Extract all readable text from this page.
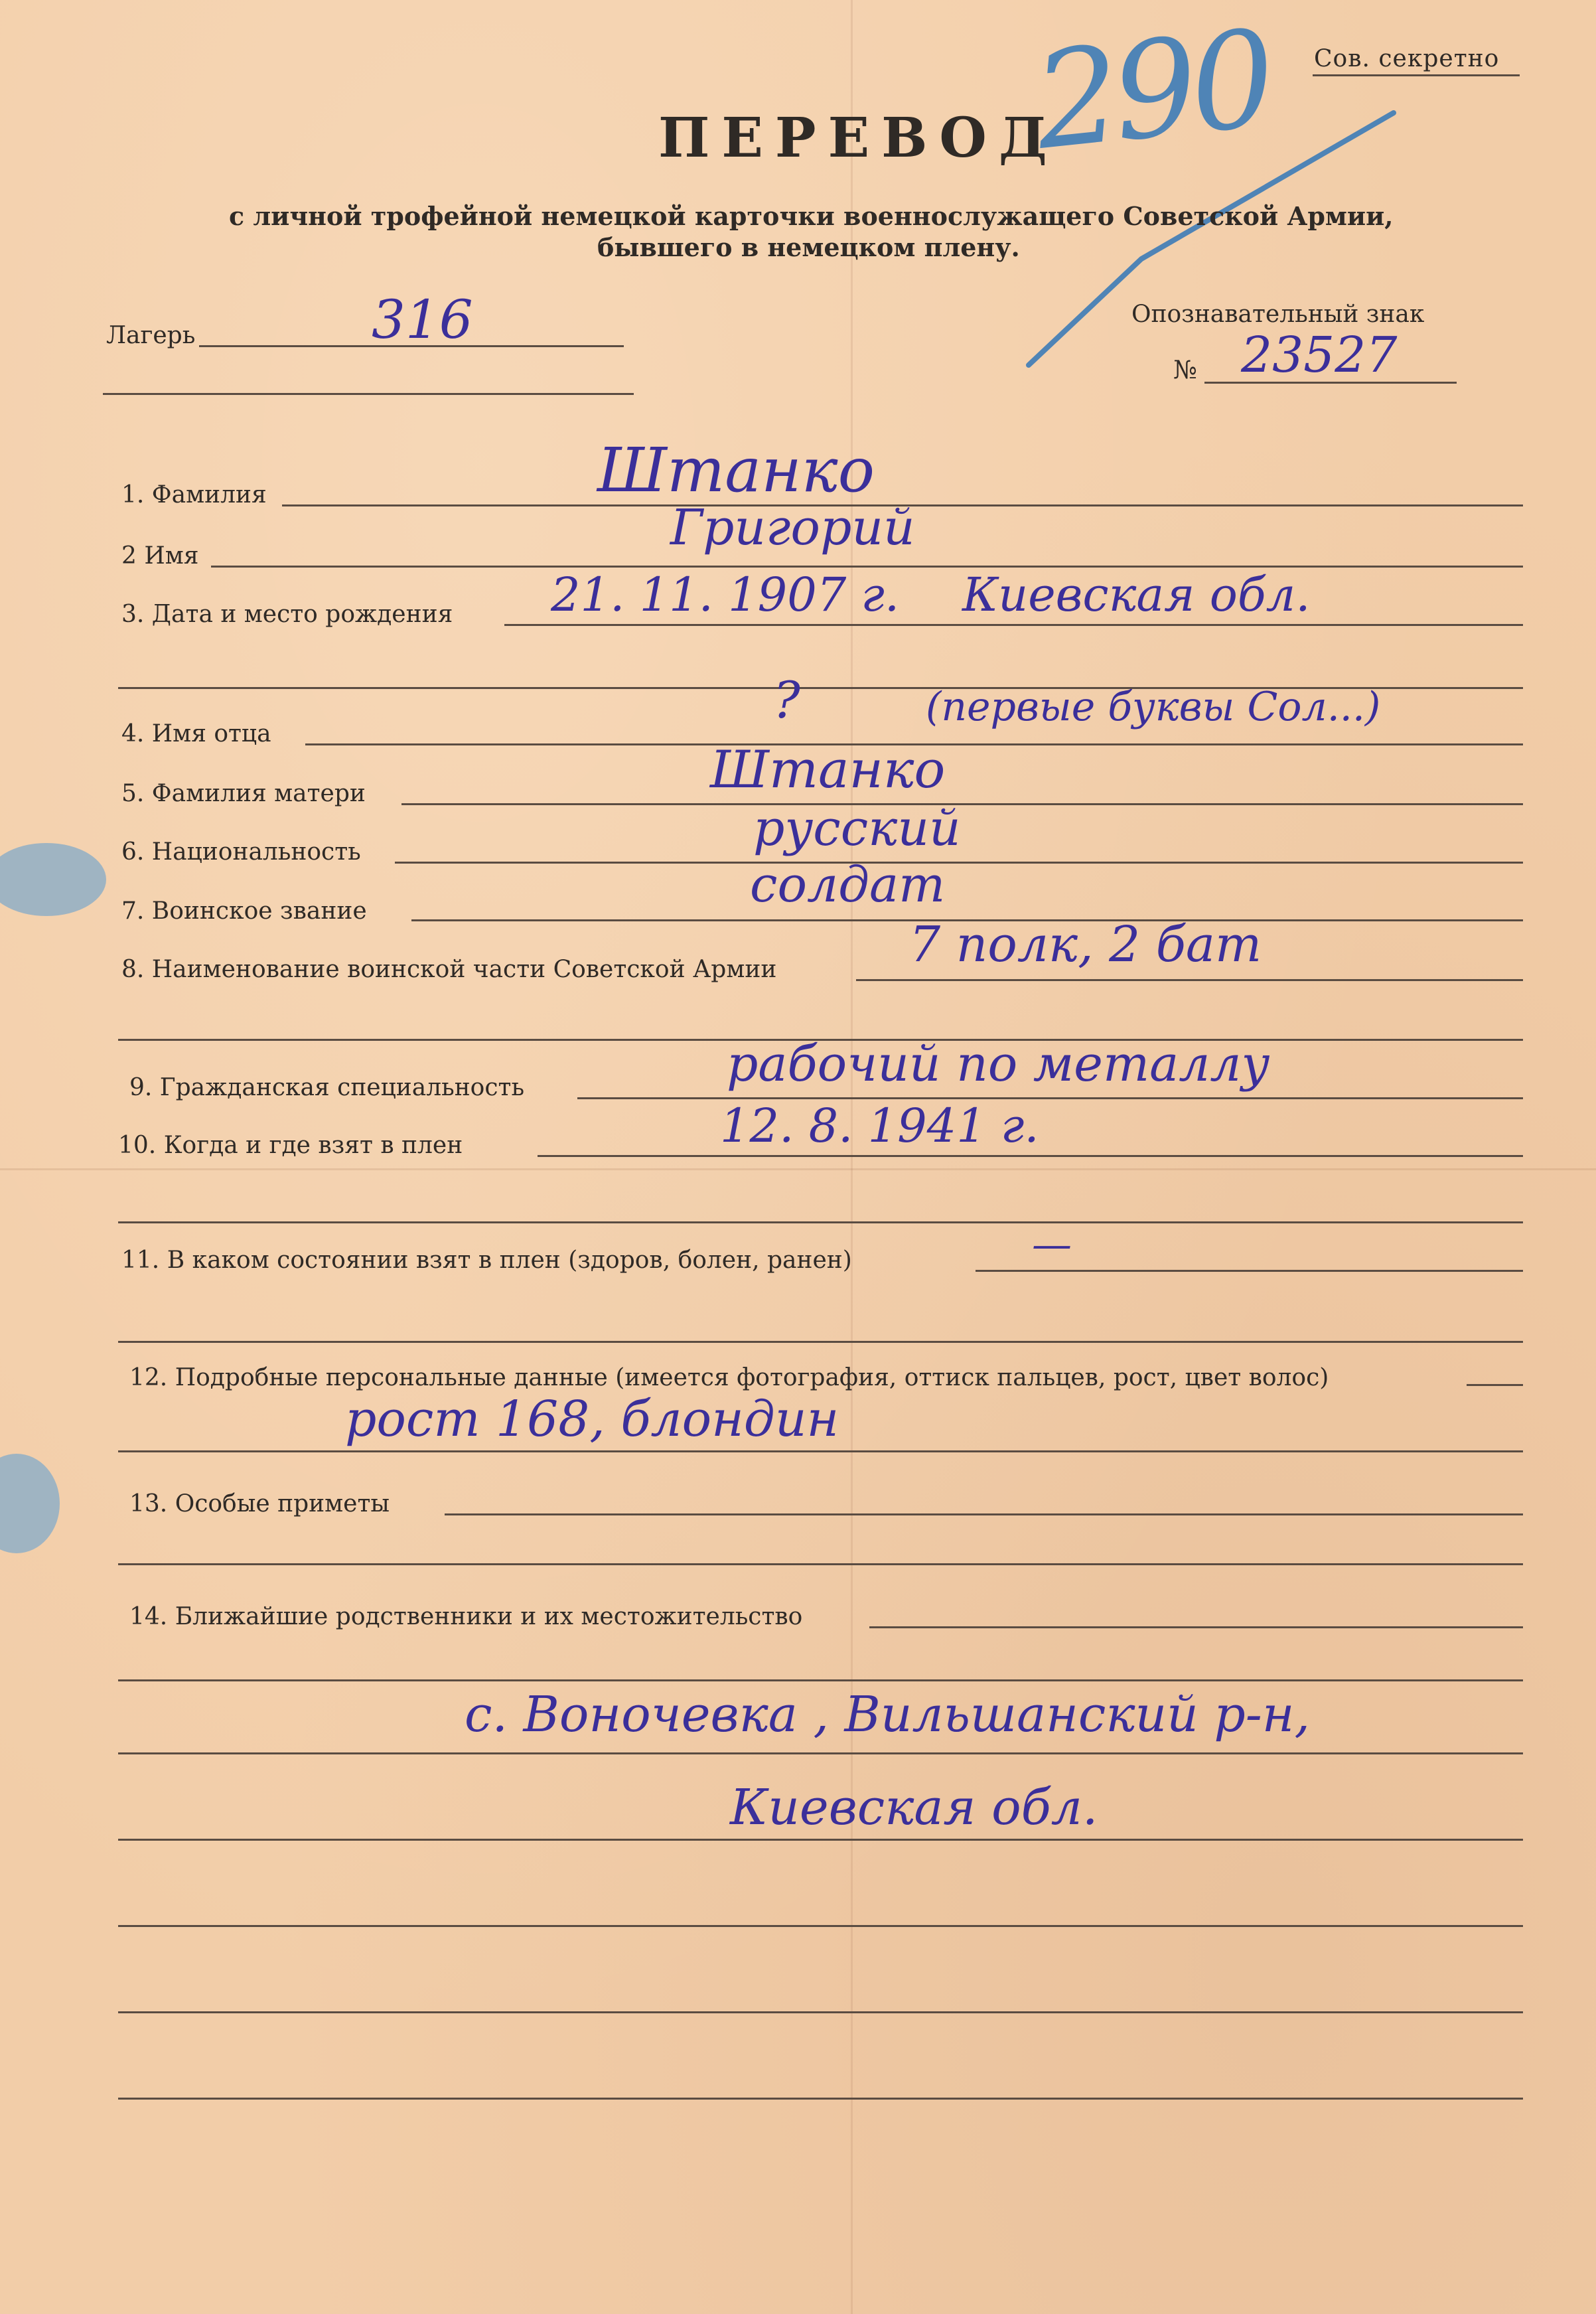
Сов. секретно
290
ПЕРЕВОД
с личной трофейной немецкой карточки военнослужащего Советской Армии,
бывшего в немецком плену.
Лагерь	316	Опознавательный знак
№ 23527
1. Фамилия	Штанко
2 Имя	Григорий
3. Дата и место рождения 21. 11. 1907 г. Киевская обл.
4. Имя отца
?	(первые буквы Сол...)
5. Фамилия матери	Штанко
6. Национальность	русский
7. Воинское звание	солдат
8. Наименование воинской части Советской Армии	7 полк, 2 бат
9. Гражданская специальность	рабочий по металлу
10. Когда и где взят в плен	12. 8. 1941 г.
11. В каком состоянии взят в плен (здоров, болен, ранен)	—
12. Подробные персональные данные (имеется фотография, оттиск пальцев, рост, цвет волос)
рост 168, блондин
13. Особые приметы
14. Ближайшие родственники и их местожительство
с. Воночевка , Вильшанский р-н,
Киевская обл.
